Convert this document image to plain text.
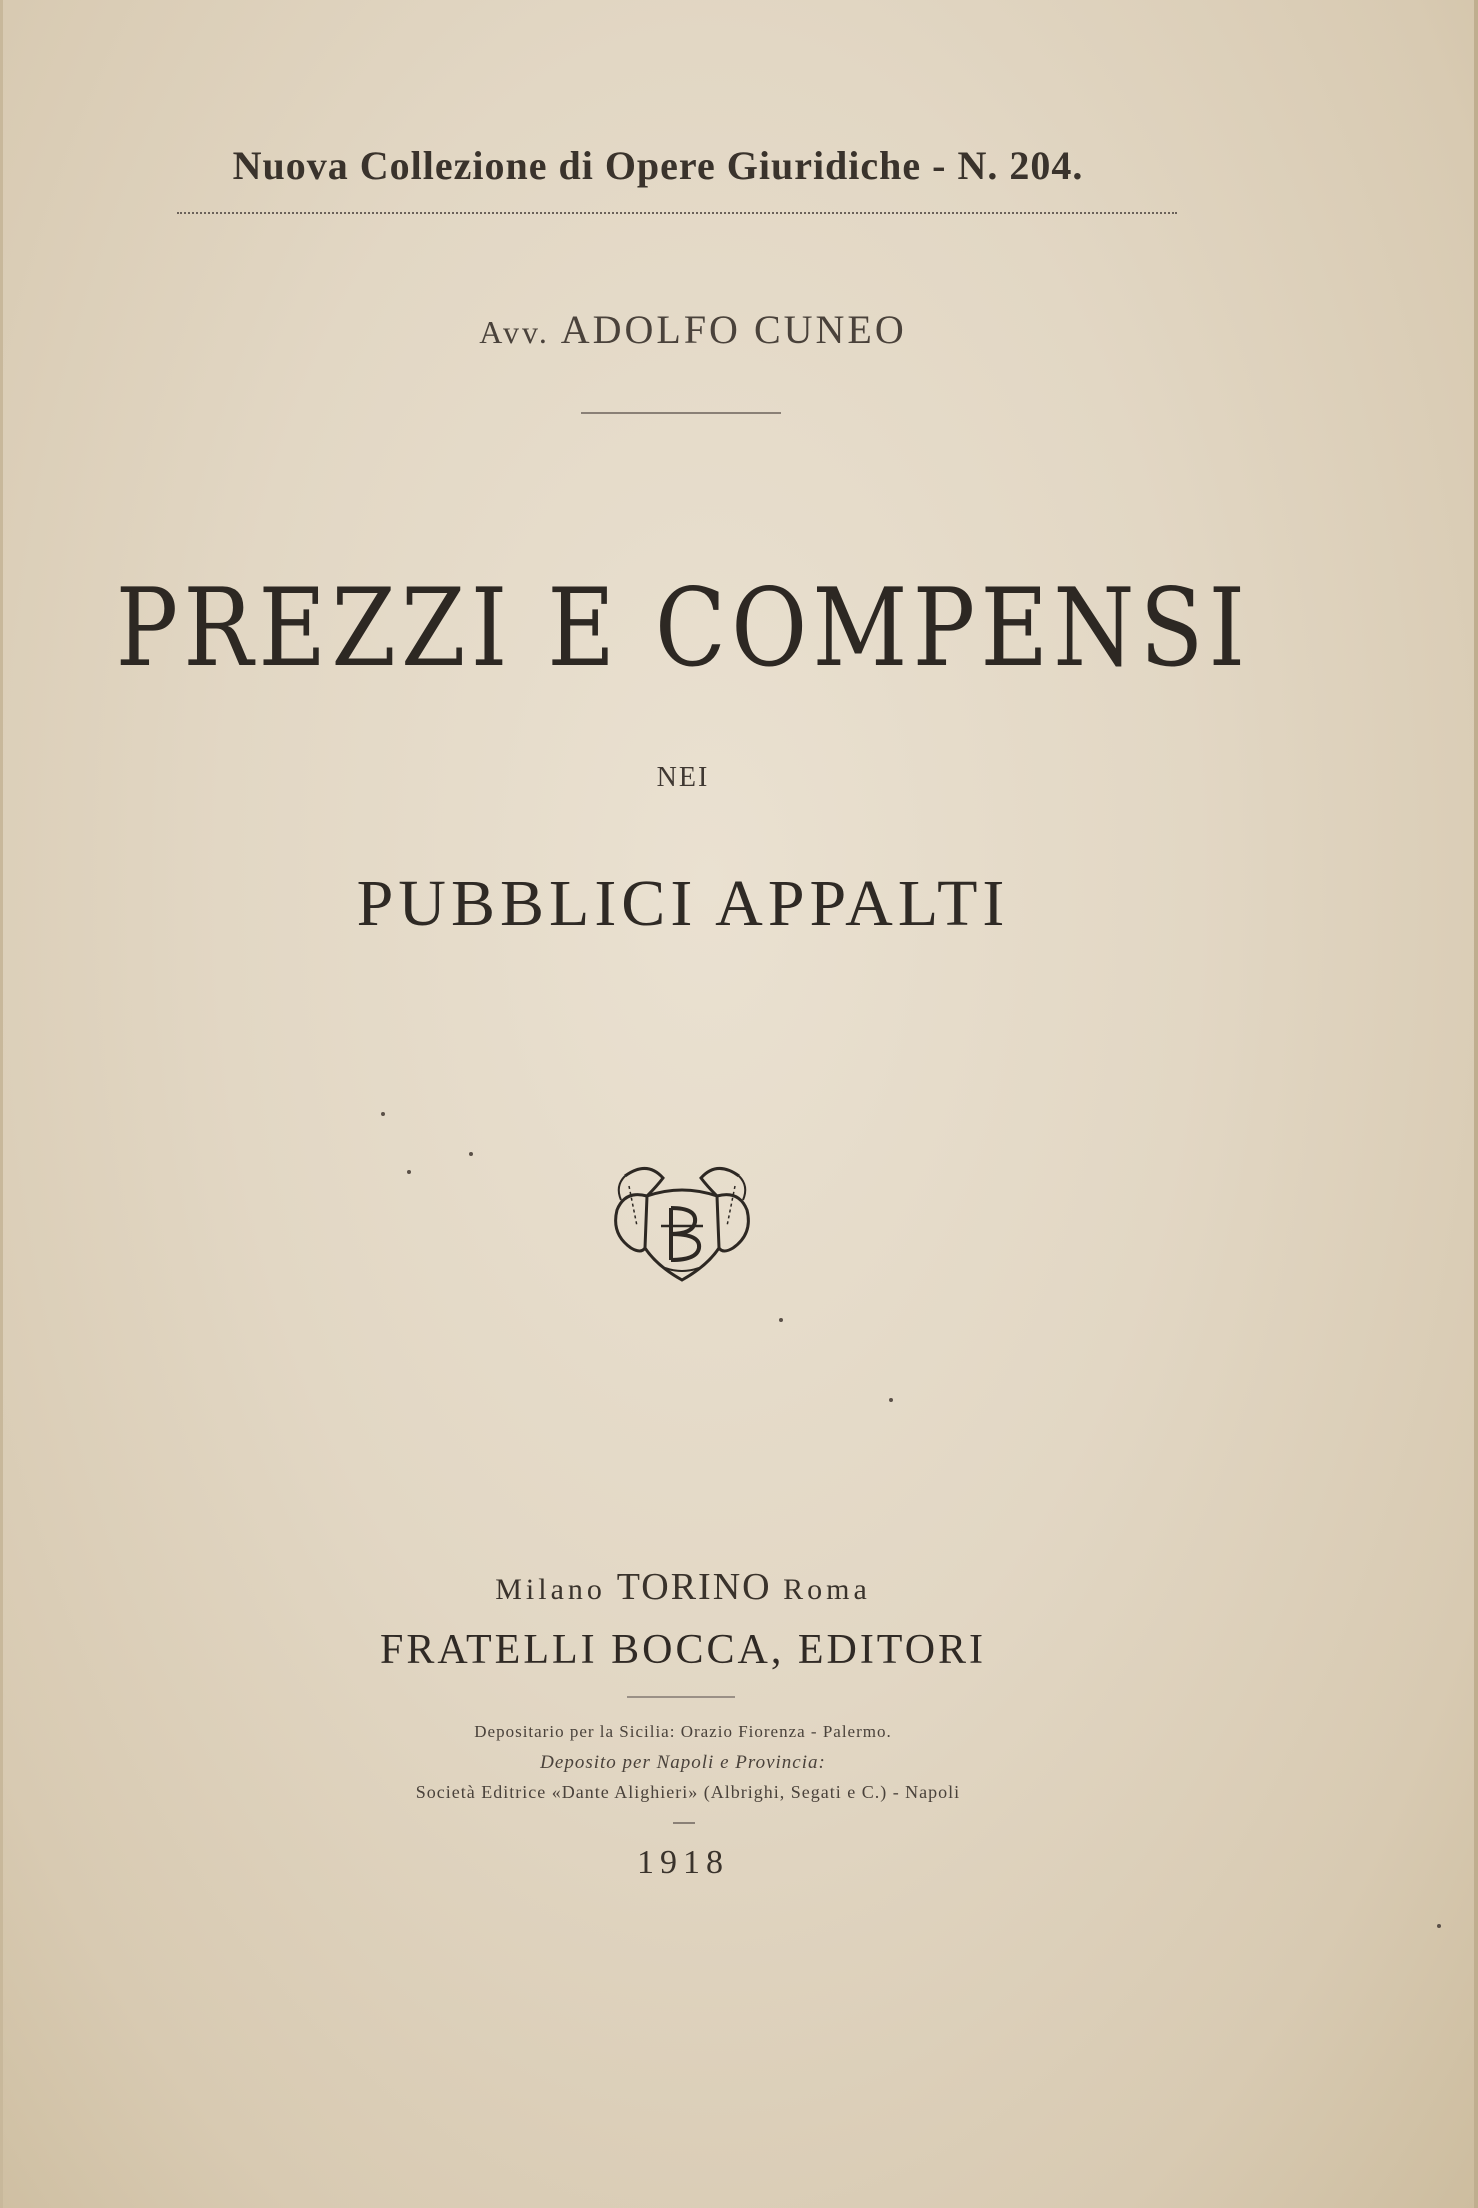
Nuova Collezione di Opere Giuridiche - N. 204.
Avv. ADOLFO CUNEO
PREZZI E COMPENSI
NEI
PUBBLICI APPALTI
Milano TORINO Roma
FRATELLI BOCCA, EDITORI
Depositario per la Sicilia: Orazio Fiorenza - Palermo.
Deposito per Napoli e Provincia:
Società Editrice «Dante Alighieri» (Albrighi, Segati e C.) - Napoli
1918
